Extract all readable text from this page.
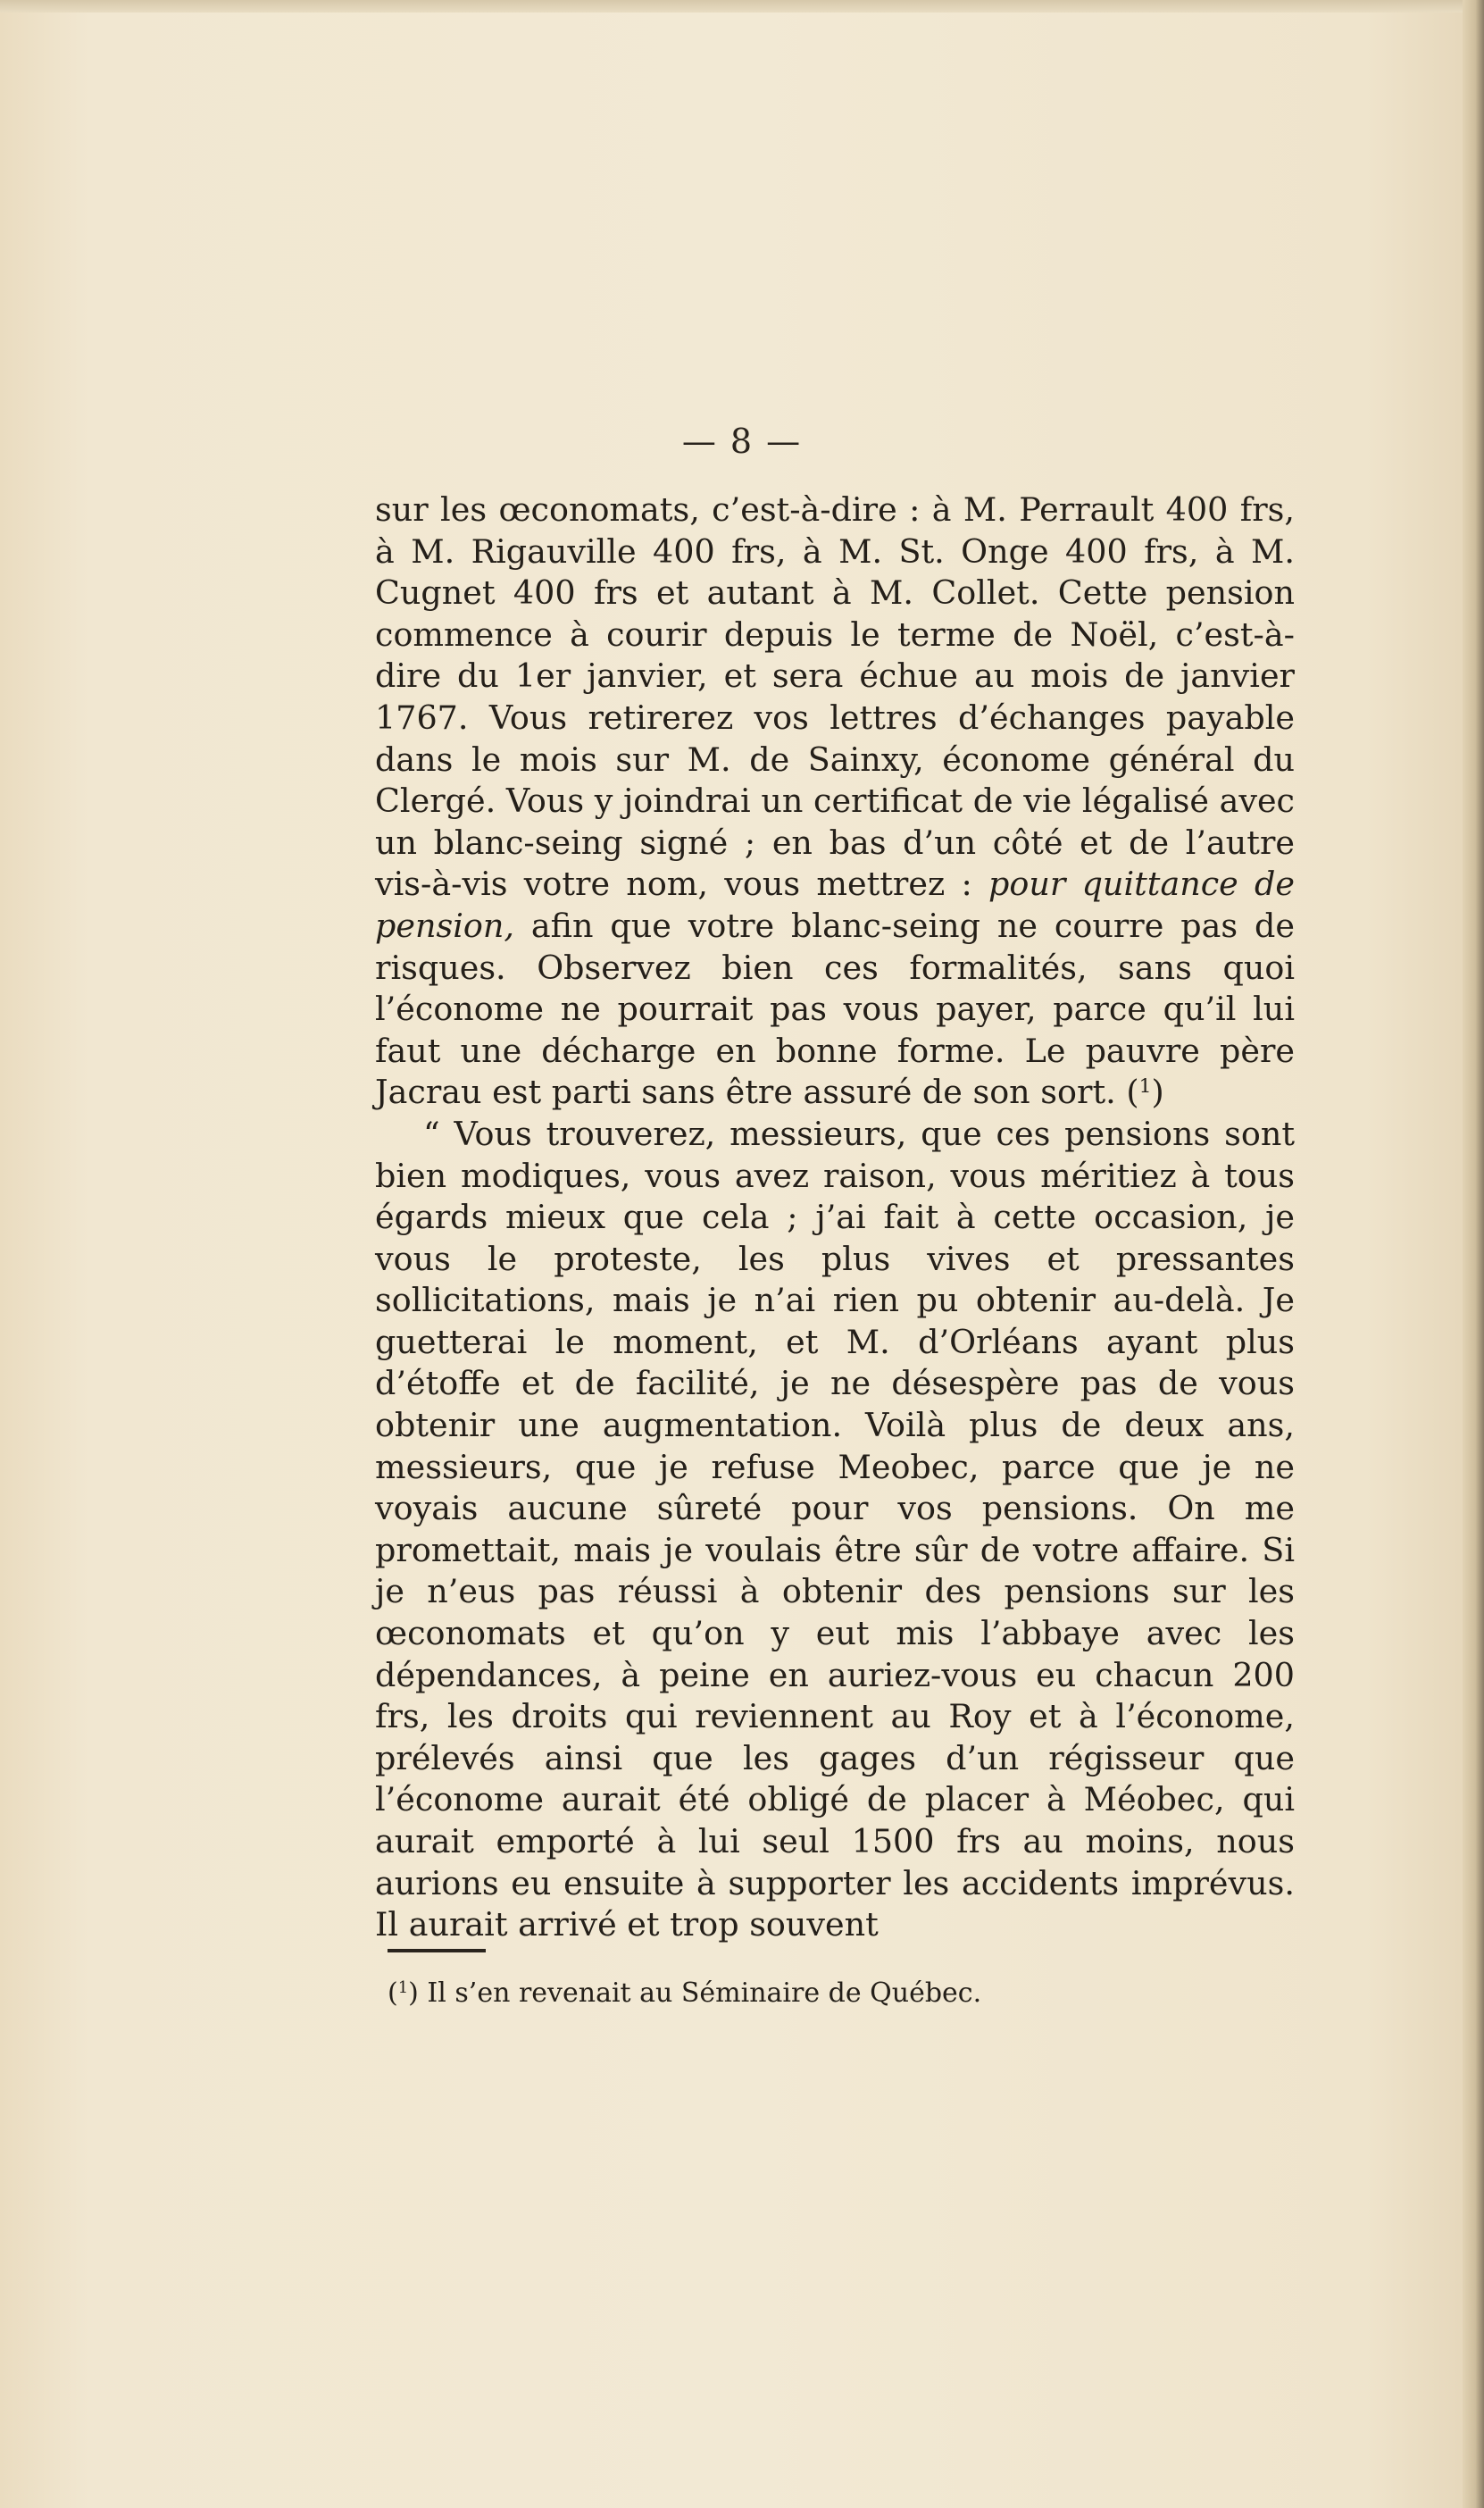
— 8 —

sur les œconomats, c’est-à-dire : à M. Perrault 400 frs, à M. Rigauville 400 frs, à M. St. Onge 400 frs, à M. Cugnet 400 frs et autant à M. Collet. Cette pension commence à courir depuis le terme de Noël, c’est-à-dire du 1er janvier, et sera échue au mois de janvier 1767. Vous retirerez vos lettres d’échanges payable dans le mois sur M. de Sainxy, économe général du Clergé. Vous y joindrai un certificat de vie légalisé avec un blanc-seing signé ; en bas d’un côté et de l’autre vis-à-vis votre nom, vous mettrez : pour quittance de pension, afin que votre blanc-seing ne courre pas de risques. Observez bien ces formalités, sans quoi l’économe ne pourrait pas vous payer, parce qu’il lui faut une décharge en bonne forme. Le pauvre père Jacrau est parti sans être assuré de son sort. ($^1$)

“ Vous trouverez, messieurs, que ces pensions sont bien modiques, vous avez raison, vous méritiez à tous égards mieux que cela ; j’ai fait à cette occasion, je vous le proteste, les plus vives et pressantes sollicitations, mais je n’ai rien pu obtenir au-delà. Je guetterai le moment, et M. d’Orléans ayant plus d’étoffe et de facilité, je ne désespère pas de vous obtenir une augmentation. Voilà plus de deux ans, messieurs, que je refuse Meobec, parce que je ne voyais aucune sûreté pour vos pensions. On me promettait, mais je voulais être sûr de votre affaire. Si je n’eus pas réussi à obtenir des pensions sur les œconomats et qu’on y eut mis l’abbaye avec les dépendances, à peine en auriez-vous eu chacun 200 frs, les droits qui reviennent au Roy et à l’économe, prélevés ainsi que les gages d’un régisseur que l’économe aurait été obligé de placer à Méobec, qui aurait emporté à lui seul 1500 frs au moins, nous aurions eu ensuite à supporter les accidents imprévus. Il aurait arrivé et trop souvent

($^1$) Il s’en revenait au Séminaire de Québec.
